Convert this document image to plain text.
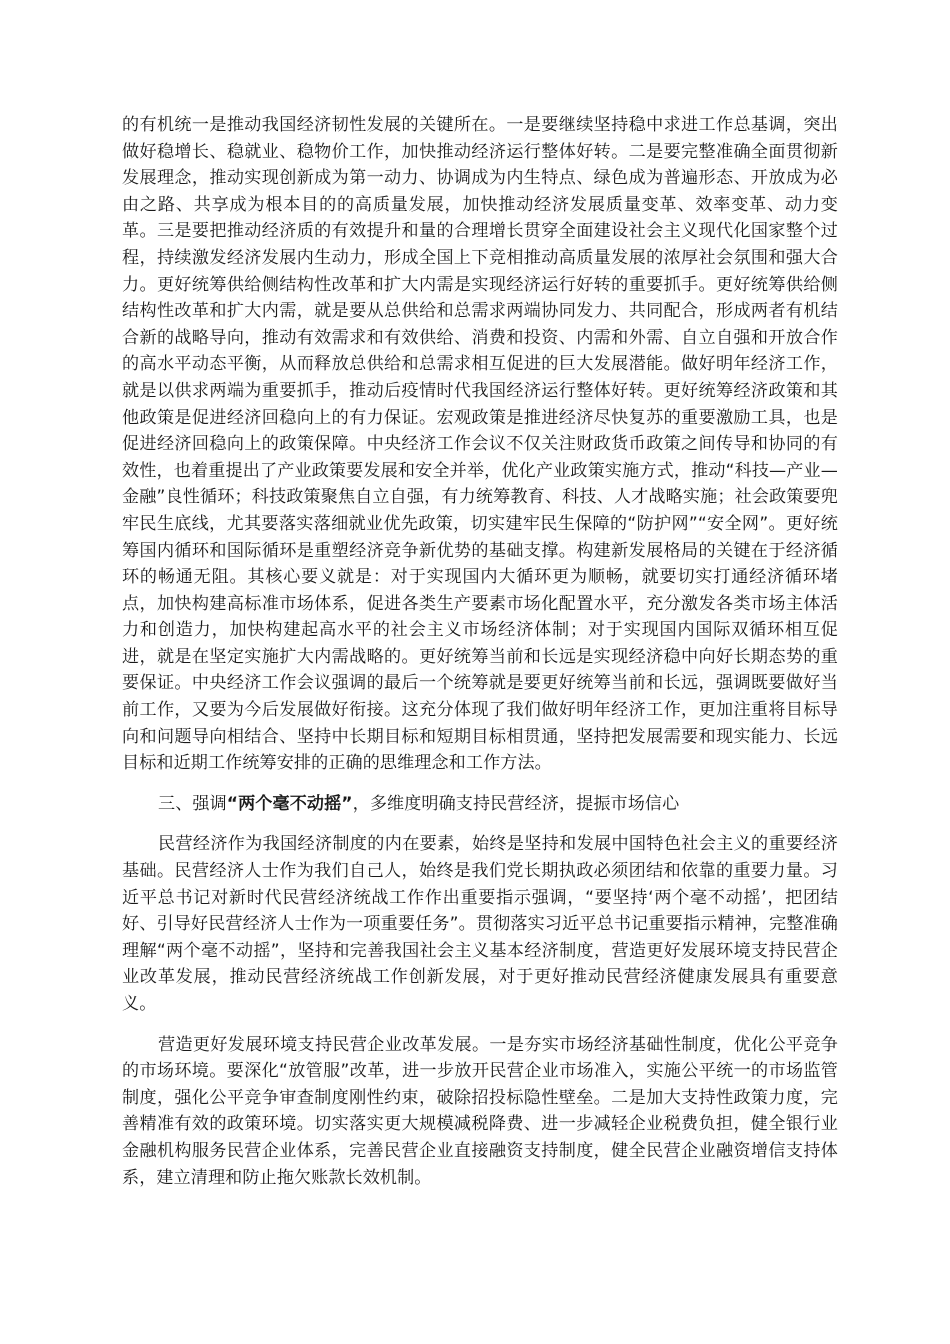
的有机统一是推动我国经济韧性发展的关键所在。一是要继续坚持稳中求进工作总基调，突出做好稳增长、稳就业、稳物价工作，加快推动经济运行整体好转。二是要完整准确全面贯彻新发展理念，推动实现创新成为第一动力、协调成为内生特点、绿色成为普遍形态、开放成为必由之路、共享成为根本目的的高质量发展，加快推动经济发展质量变革、效率变革、动力变革。三是要把推动经济质的有效提升和量的合理增长贯穿全面建设社会主义现代化国家整个过程，持续激发经济发展内生动力，形成全国上下竞相推动高质量发展的浓厚社会氛围和强大合力。更好统筹供给侧结构性改革和扩大内需是实现经济运行好转的重要抓手。更好统筹供给侧结构性改革和扩大内需，就是要从总供给和总需求两端协同发力、共同配合，形成两者有机结合新的战略导向，推动有效需求和有效供给、消费和投资、内需和外需、自立自强和开放合作的高水平动态平衡，从而释放总供给和总需求相互促进的巨大发展潜能。做好明年经济工作，就是以供求两端为重要抓手，推动后疫情时代我国经济运行整体好转。更好统筹经济政策和其他政策是促进经济回稳向上的有力保证。宏观政策是推进经济尽快复苏的重要激励工具，也是促进经济回稳向上的政策保障。中央经济工作会议不仅关注财政货币政策之间传导和协同的有效性，也着重提出了产业政策要发展和安全并举，优化产业政策实施方式，推动“科技—产业—金融”良性循环；科技政策聚焦自立自强，有力统筹教育、科技、人才战略实施；社会政策要兜牢民生底线，尤其要落实落细就业优先政策，切实建牢民生保障的“防护网”“安全网”。更好统筹国内循环和国际循环是重塑经济竞争新优势的基础支撑。构建新发展格局的关键在于经济循环的畅通无阻。其核心要义就是：对于实现国内大循环更为顺畅，就要切实打通经济循环堵点，加快构建高标准市场体系，促进各类生产要素市场化配置水平，充分激发各类市场主体活力和创造力，加快构建起高水平的社会主义市场经济体制；对于实现国内国际双循环相互促进，就是在坚定实施扩大内需战略的。更好统筹当前和长远是实现经济稳中向好长期态势的重要保证。中央经济工作会议强调的最后一个统筹就是要更好统筹当前和长远，强调既要做好当前工作，又要为今后发展做好衔接。这充分体现了我们做好明年经济工作，更加注重将目标导向和问题导向相结合、坚持中长期目标和短期目标相贯通，坚持把发展需要和现实能力、长远目标和近期工作统筹安排的正确的思维理念和工作方法。

三、强调“两个毫不动摇”，多维度明确支持民营经济，提振市场信心

民营经济作为我国经济制度的内在要素，始终是坚持和发展中国特色社会主义的重要经济基础。民营经济人士作为我们自己人，始终是我们党长期执政必须团结和依靠的重要力量。习近平总书记对新时代民营经济统战工作作出重要指示强调，“要坚持‘两个毫不动摇’，把团结好、引导好民营经济人士作为一项重要任务”。贯彻落实习近平总书记重要指示精神，完整准确理解“两个毫不动摇”，坚持和完善我国社会主义基本经济制度，营造更好发展环境支持民营企业改革发展，推动民营经济统战工作创新发展，对于更好推动民营经济健康发展具有重要意义。

营造更好发展环境支持民营企业改革发展。一是夯实市场经济基础性制度，优化公平竞争的市场环境。要深化“放管服”改革，进一步放开民营企业市场准入，实施公平统一的市场监管制度，强化公平竞争审查制度刚性约束，破除招投标隐性壁垒。二是加大支持性政策力度，完善精准有效的政策环境。切实落实更大规模减税降费、进一步减轻企业税费负担，健全银行业金融机构服务民营企业体系，完善民营企业直接融资支持制度，健全民营企业融资增信支持体系，建立清理和防止拖欠账款长效机制。
